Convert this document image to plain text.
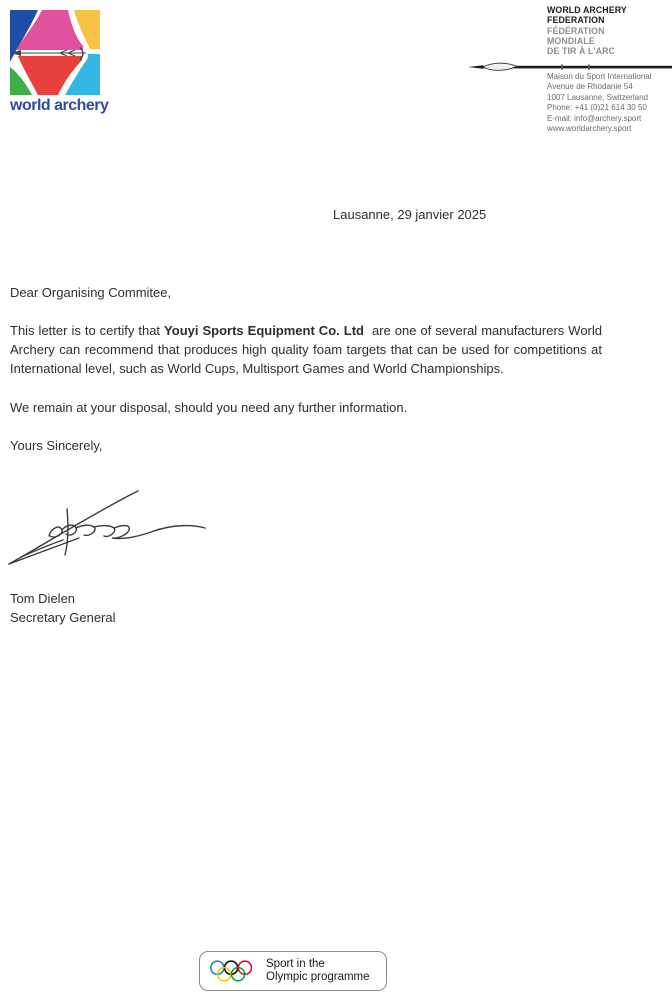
world archery
WORLD ARCHERY
FEDERATION
FÉDÉRATION
MONDIALE
DE TIR À L'ARC
Maison du Sport International
Avenue de Rhodanie 54
1007 Lausanne, Switzerland
Phone: +41 (0)21 614 30 50
E-mail: info@archery.sport
www.worldarchery.sport
Lausanne, 29 janvier 2025

Dear Organising Commitee,

This letter is to certify that Youyi Sports Equipment Co. Ltd  are one of several manufacturers World Archery can recommend that produces high quality foam targets that can be used for competitions at International level, such as World Cups, Multisport Games and World Championships.

We remain at your disposal, should you need any further information.

Yours Sincerely,

Tom Dielen
Secretary General
Sport in the
Olympic programme
